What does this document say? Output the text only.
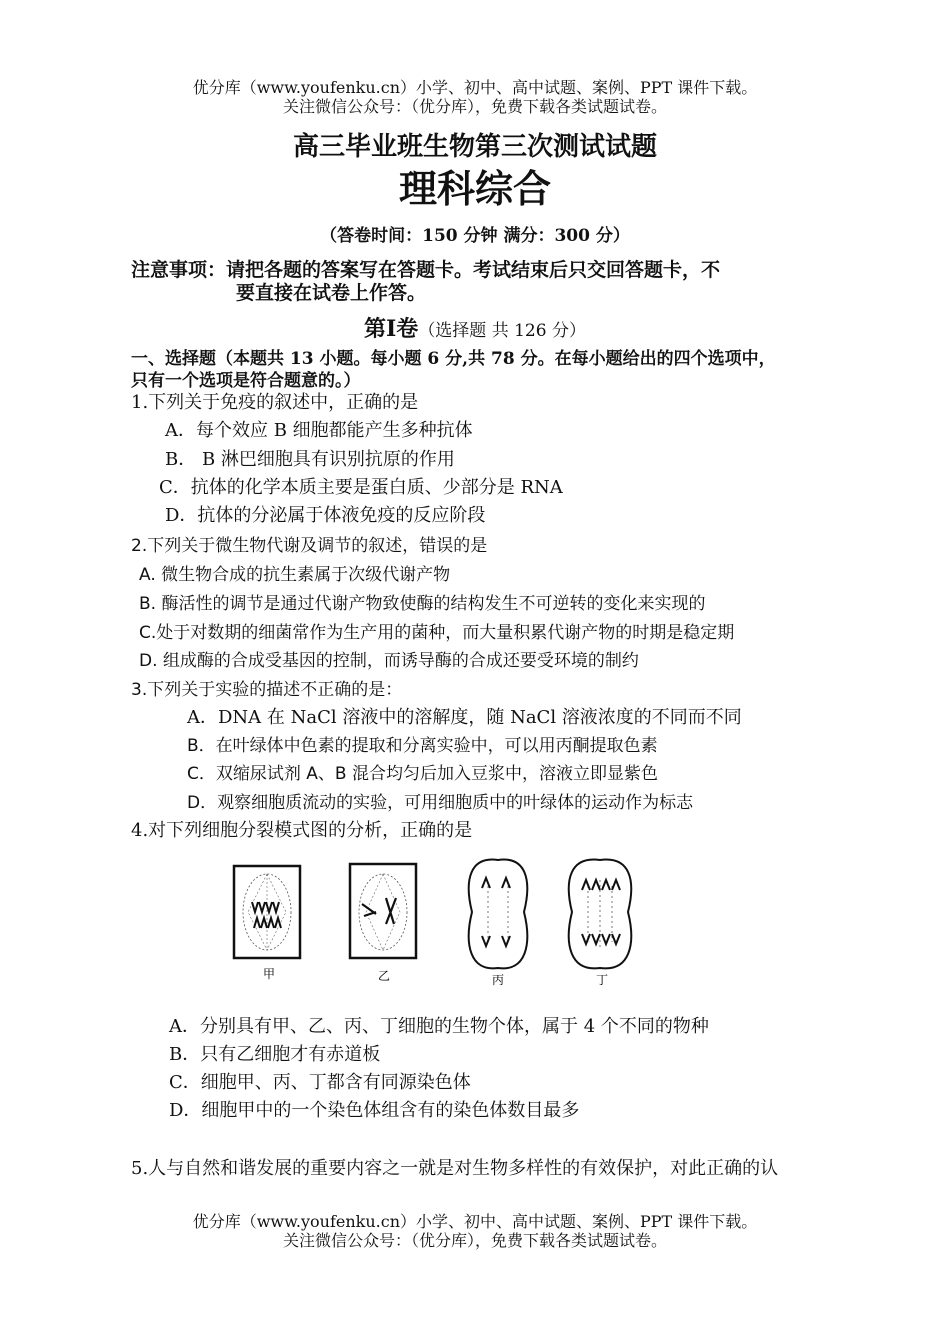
优分库（www.youfenku.cn）小学、初中、高中试题、案例、PPT 课件下载。
关注微信公众号：（优分库），免费下载各类试题试卷。
高三毕业班生物第三次测试试题
理科综合
（答卷时间：150 分钟 满分：300 分）
注意事项：请把各题的答案写在答题卡。考试结束后只交回答题卡，不
要直接在试卷上作答。
第Ⅰ卷（选择题 共 126 分）
一、选择题（本题共 13 小题。每小题 6 分,共 78 分。在每小题给出的四个选项中，
只有一个选项是符合题意的。）
1.下列关于免疫的叙述中，正确的是
A．每个效应 B 细胞都能产生多种抗体
B． B 淋巴细胞具有识别抗原的作用
C．抗体的化学本质主要是蛋白质、少部分是 RNA
D．抗体的分泌属于体液免疫的反应阶段
2.下列关于微生物代谢及调节的叙述，错误的是
A. 微生物合成的抗生素属于次级代谢产物
B. 酶活性的调节是通过代谢产物致使酶的结构发生不可逆转的变化来实现的
C.处于对数期的细菌常作为生产用的菌种，而大量积累代谢产物的时期是稳定期
D. 组成酶的合成受基因的控制，而诱导酶的合成还要受环境的制约
3.下列关于实验的描述不正确的是：
A．DNA 在 NaCl 溶液中的溶解度，随 NaCl 溶液浓度的不同而不同
B．在叶绿体中色素的提取和分离实验中，可以用丙酮提取色素
C．双缩尿试剂 A、B 混合均匀后加入豆浆中，溶液立即显紫色
D．观察细胞质流动的实验，可用细胞质中的叶绿体的运动作为标志
4.对下列细胞分裂模式图的分析，正确的是
甲	乙	丙	丁
A．分别具有甲、乙、丙、丁细胞的生物个体，属于 4 个不同的物种
B．只有乙细胞才有赤道板
C．细胞甲、丙、丁都含有同源染色体
D．细胞甲中的一个染色体组含有的染色体数目最多
5.人与自然和谐发展的重要内容之一就是对生物多样性的有效保护，对此正确的认
优分库（www.youfenku.cn）小学、初中、高中试题、案例、PPT 课件下载。
关注微信公众号：（优分库），免费下载各类试题试卷。
